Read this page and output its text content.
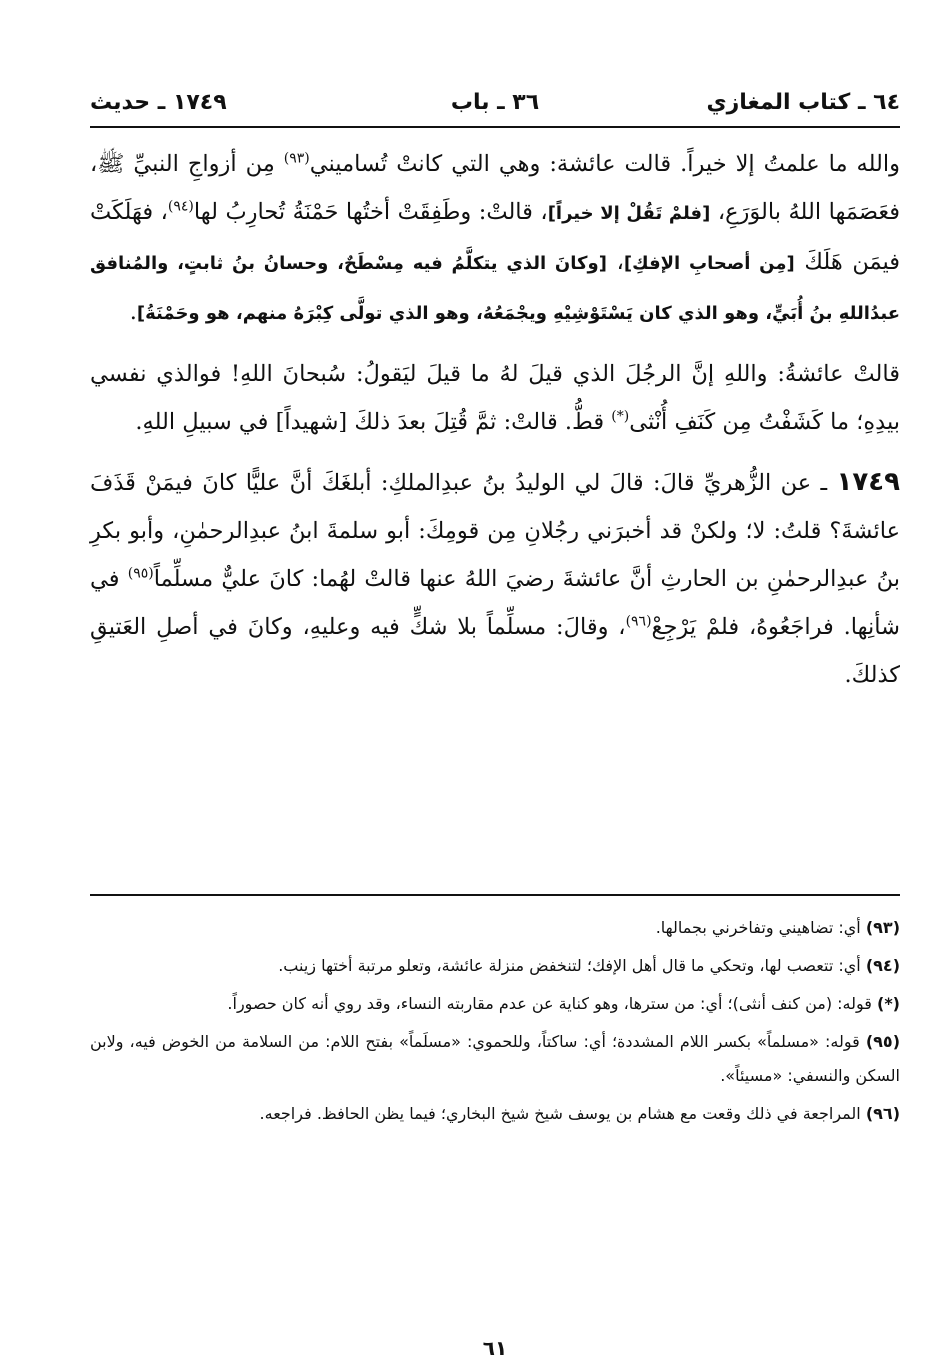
٦٤ ـ كتاب المغازي
٣٦ ـ باب
١٧٤٩ ـ حديث

والله ما علمتُ إلا خيراً. قالت عائشة: وهي التي كانتْ تُساميني$^{(٩٣)}$ مِن أزواجِ النبيِّ ﷺ، فعَصَمَها اللهُ بالوَرَعِ، [فلمْ تَقُلْ إلا خيراً]، قالتْ: وطَفِقَتْ أختُها حَمْنَةُ تُحارِبُ لها$^{(٩٤)}$، فهَلَكَتْ فيمَن هَلَكَ [مِن أصحابِ الإفكِ]، [وكانَ الذي يتكلَّمُ فيه مِسْطَحٌ، وحسانُ بنُ ثابتٍ، والمُنافق عبدُاللهِ بنُ أُبَيٍّ، وهو الذي كان يَسْتَوْشِيْهِ ويجْمَعُهُ، وهو الذي تولَّى كِبْرَهُ منهم، هو وحَمْنَةُ].

قالتْ عائشةُ: واللهِ إنَّ الرجُلَ الذي قيلَ لهُ ما قيلَ ليَقولُ: سُبحانَ اللهِ! فوالذي نفسي بيدِهِ؛ ما كَشَفْتُ مِن كَنَفِ أُنْثى(*) قطُّ. قالتْ: ثمَّ قُتِلَ بعدَ ذلكَ [شهيداً] في سبيلِ اللهِ.

١٧٤٩ ـ عن الزُّهريِّ قالَ: قالَ لي الوليدُ بنُ عبدِالملكِ: أبلغَكَ أنَّ عليًّا كانَ فيمَنْ قَذَفَ عائشةَ؟ قلتُ: لا؛ ولكنْ قد أخبرَني رجُلانِ مِن قومِكَ: أبو سلمةَ ابنُ عبدِالرحمٰنِ، وأبو بكرِ بنُ عبدِالرحمٰنِ بن الحارثِ أنَّ عائشةَ رضيَ اللهُ عنها قالتْ لهُما: كانَ عليٌّ مسلِّماً$^{(٩٥)}$ في شأنِها. فراجَعُوهُ، فلمْ يَرْجِعْ$^{(٩٦)}$، وقالَ: مسلِّماً بلا شكٍّ فيه وعليهِ، وكانَ في أصلِ العَتيقِ كذلكَ.

(٩٣) أي: تضاهيني وتفاخرني بجمالها.

(٩٤) أي: تتعصب لها، وتحكي ما قال أهل الإفك؛ لتنخفض منزلة عائشة، وتعلو مرتبة أختها زينب.

(*) قوله: (من كنف أنثى)؛ أي: من سترها، وهو كناية عن عدم مقاربته النساء، وقد روي أنه كان حصوراً.

(٩٥) قوله: «مسلماً» بكسر اللام المشددة؛ أي: ساكتاً، وللحموي: «مسلَماً» بفتح اللام: من السلامة من الخوض فيه، ولابن السكن والنسفي: «مسيئاً».

(٩٦) المراجعة في ذلك وقعت مع هشام بن يوسف شيخ شيخ البخاري؛ فيما يظن الحافظ. فراجعه.

٦١
